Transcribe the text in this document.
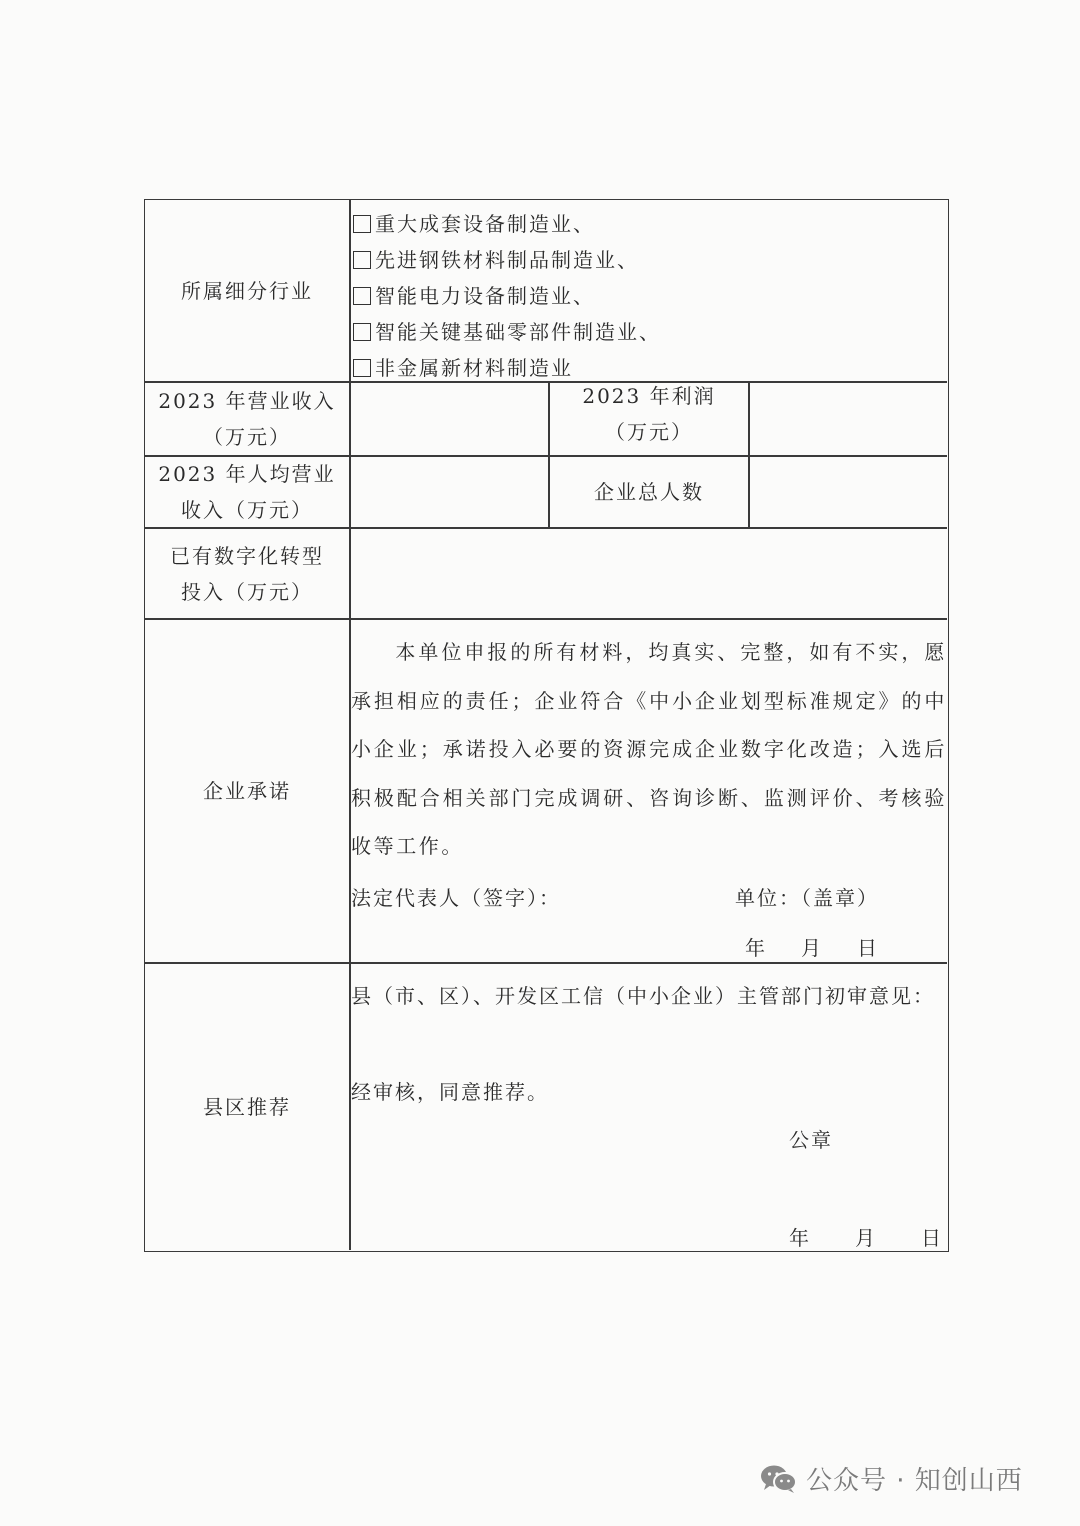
所属细分行业
重大成套设备制造业、
先进钢铁材料制品制造业、
智能电力设备制造业、
智能关键基础零部件制造业、
非金属新材料制造业
2023 年营业收入
（万元）
2023 年利润
（万元）
2023 年人均营业
收入（万元）
企业总人数
已有数字化转型
投入（万元）
企业承诺
本单位申报的所有材料，均真实、完整，如有不实，愿承担相应的责任；企业符合《中小企业划型标准规定》的中小企业；承诺投入必要的资源完成企业数字化改造；入选后积极配合相关部门完成调研、咨询诊断、监测评价、考核验收等工作。
法定代表人（签字）：	单位：（盖章）
年 月 日
县区推荐
县（市、区）、开发区工信（中小企业）主管部门初审意见：
经审核，同意推荐。
公章
年 月 日
公众号 · 知创山西
